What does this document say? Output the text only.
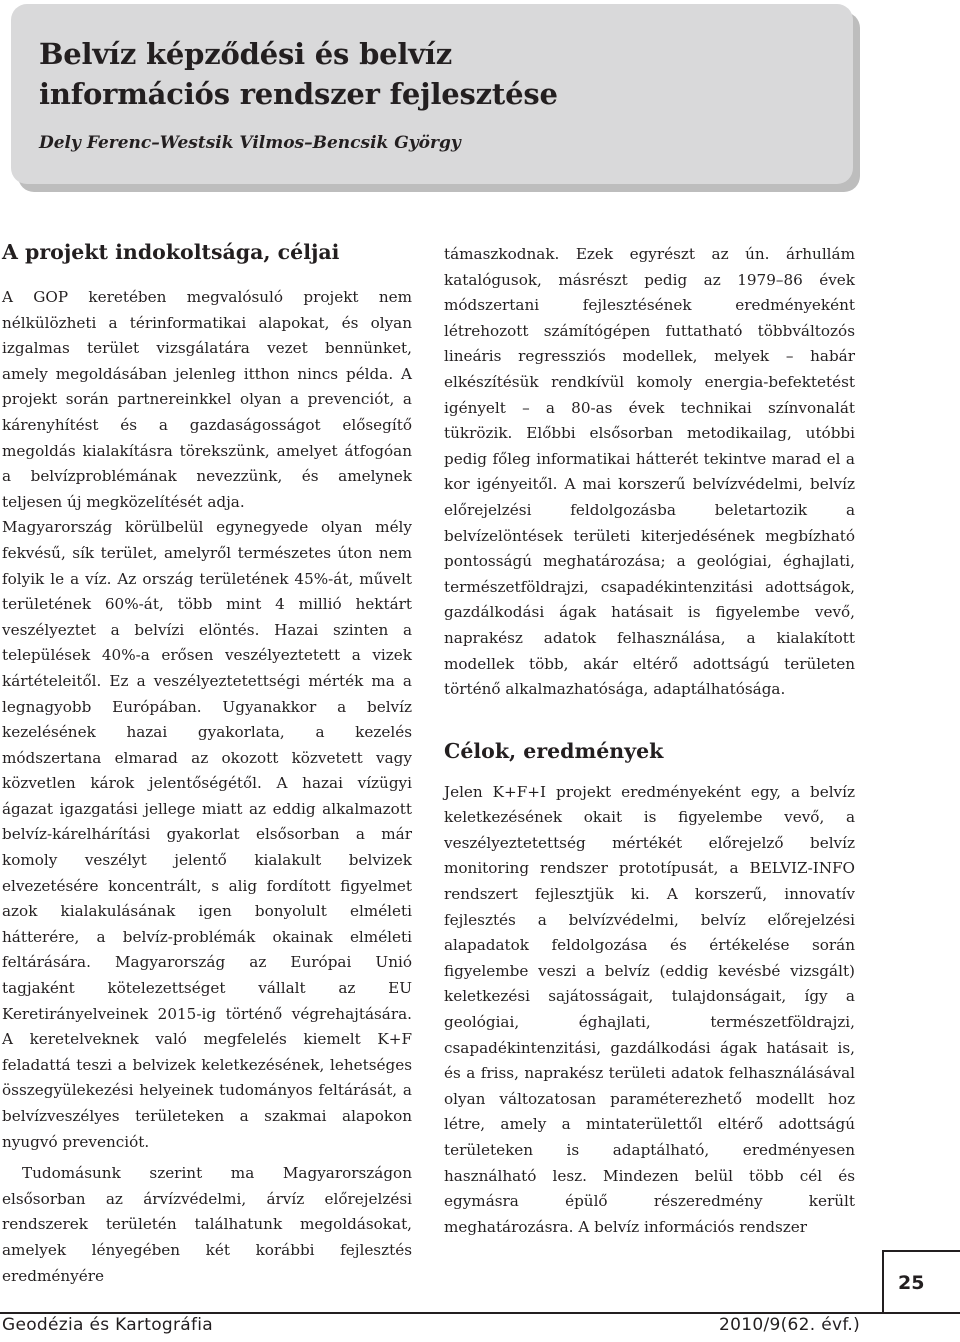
Belvíz képződési és belvíz
információs rendszer fejlesztése
Dely Ferenc–Westsik Vilmos–Bencsik György
A projekt indokoltsága, céljai

A GOP keretében megvalósuló projekt nem nélkülözheti a térinformatikai alapokat, és olyan izgalmas terület vizsgálatára vezet bennünket, amely megoldásában jelenleg itthon nincs példa. A projekt során partnereinkkel olyan a prevenciót, a kárenyhítést és a gazdaságosságot elősegítő megoldás kialakításra törekszünk, amelyet átfogóan a belvízproblémának nevezzünk, és amelynek teljesen új megközelítését adja.

Magyarország körülbelül egynegyede olyan mély fekvésű, sík terület, amelyről természetes úton nem folyik le a víz. Az ország területének 45%-át, művelt területének 60%-át, több mint 4 millió hektárt veszélyeztet a belvízi elöntés. Hazai szinten a települések 40%-a erősen veszélyeztetett a vizek kártételeitől. Ez a veszélyeztetettségi mérték ma a legnagyobb Európában. Ugyanakkor a belvíz kezelésének hazai gyakorlata, a kezelés módszertana elmarad az okozott közvetett vagy közvetlen károk jelentőségétől. A hazai vízügyi ágazat igazgatási jellege miatt az eddig alkalmazott belvíz-kárelhárítási gyakorlat elsősorban a már komoly veszélyt jelentő kialakult belvizek elvezetésére koncentrált, s alig fordított figyelmet azok kialakulásának igen bonyolult elméleti hátterére, a belvíz-problémák okainak elméleti feltárására. Magyarország az Európai Unió tagjaként kötelezettséget vállalt az EU Keretirányelveinek 2015-ig történő végrehajtására. A keretelveknek való megfelelés kiemelt K+F feladattá teszi a belvizek keletkezésének, lehetséges összegyülekezési helyeinek tudományos feltárását, a belvízveszélyes területeken a szakmai alapokon nyugvó prevenciót.

Tudomásunk szerint ma Magyarországon elsősorban az árvízvédelmi, árvíz előrejelzési rendszerek területén találhatunk megoldásokat, amelyek lényegében két korábbi fejlesztés eredményére

támaszkodnak. Ezek egyrészt az ún. árhullám katalógusok, másrészt pedig az 1979–86 évek módszertani fejlesztésének eredményeként létrehozott számítógépen futtatható többváltozós lineáris regressziós modellek, melyek – habár elkészítésük rendkívül komoly energia-befektetést igényelt – a 80-as évek technikai színvonalát tükrözik. Előbbi elsősorban metodikailag, utóbbi pedig főleg informatikai hátterét tekintve marad el a kor igényeitől. A mai korszerű belvízvédelmi, belvíz előrejelzési feldolgozásba beletartozik a belvízelöntések területi kiterjedésének megbízható pontosságú meghatározása; a geológiai, éghajlati, természetföldrajzi, csapadékintenzitási adottságok, gazdálkodási ágak hatásait is figyelembe vevő, naprakész adatok felhasználása, a kialakított modellek több, akár eltérő adottságú területen történő alkalmazhatósága, adaptálhatósága.

Célok, eredmények

Jelen K+F+I projekt eredményeként egy, a belvíz keletkezésének okait is figyelembe vevő, a veszélyeztetettség mértékét előrejelző belvíz monitoring rendszer prototípusát, a BELVIZ-INFO rendszert fejlesztjük ki. A korszerű, innovatív fejlesztés a belvízvédelmi, belvíz előrejelzési alapadatok feldolgozása és értékelése során figyelembe veszi a belvíz (eddig kevésbé vizsgált) keletkezési sajátosságait, tulajdonságait, így a geológiai, éghajlati, természetföldrajzi, csapadékintenzitási, gazdálkodási ágak hatásait is, és a friss, naprakész területi adatok felhasználásával olyan változatosan paraméterezhető modellt hoz létre, amely a mintaterülettől eltérő adottságú területeken is adaptálható, eredményesen használható lesz. Mindezen belül több cél és egymásra épülő részeredmény került meghatározásra. A belvíz információs rendszer

25
Geodézia és Kartográfia	2010/9(62. évf.)
